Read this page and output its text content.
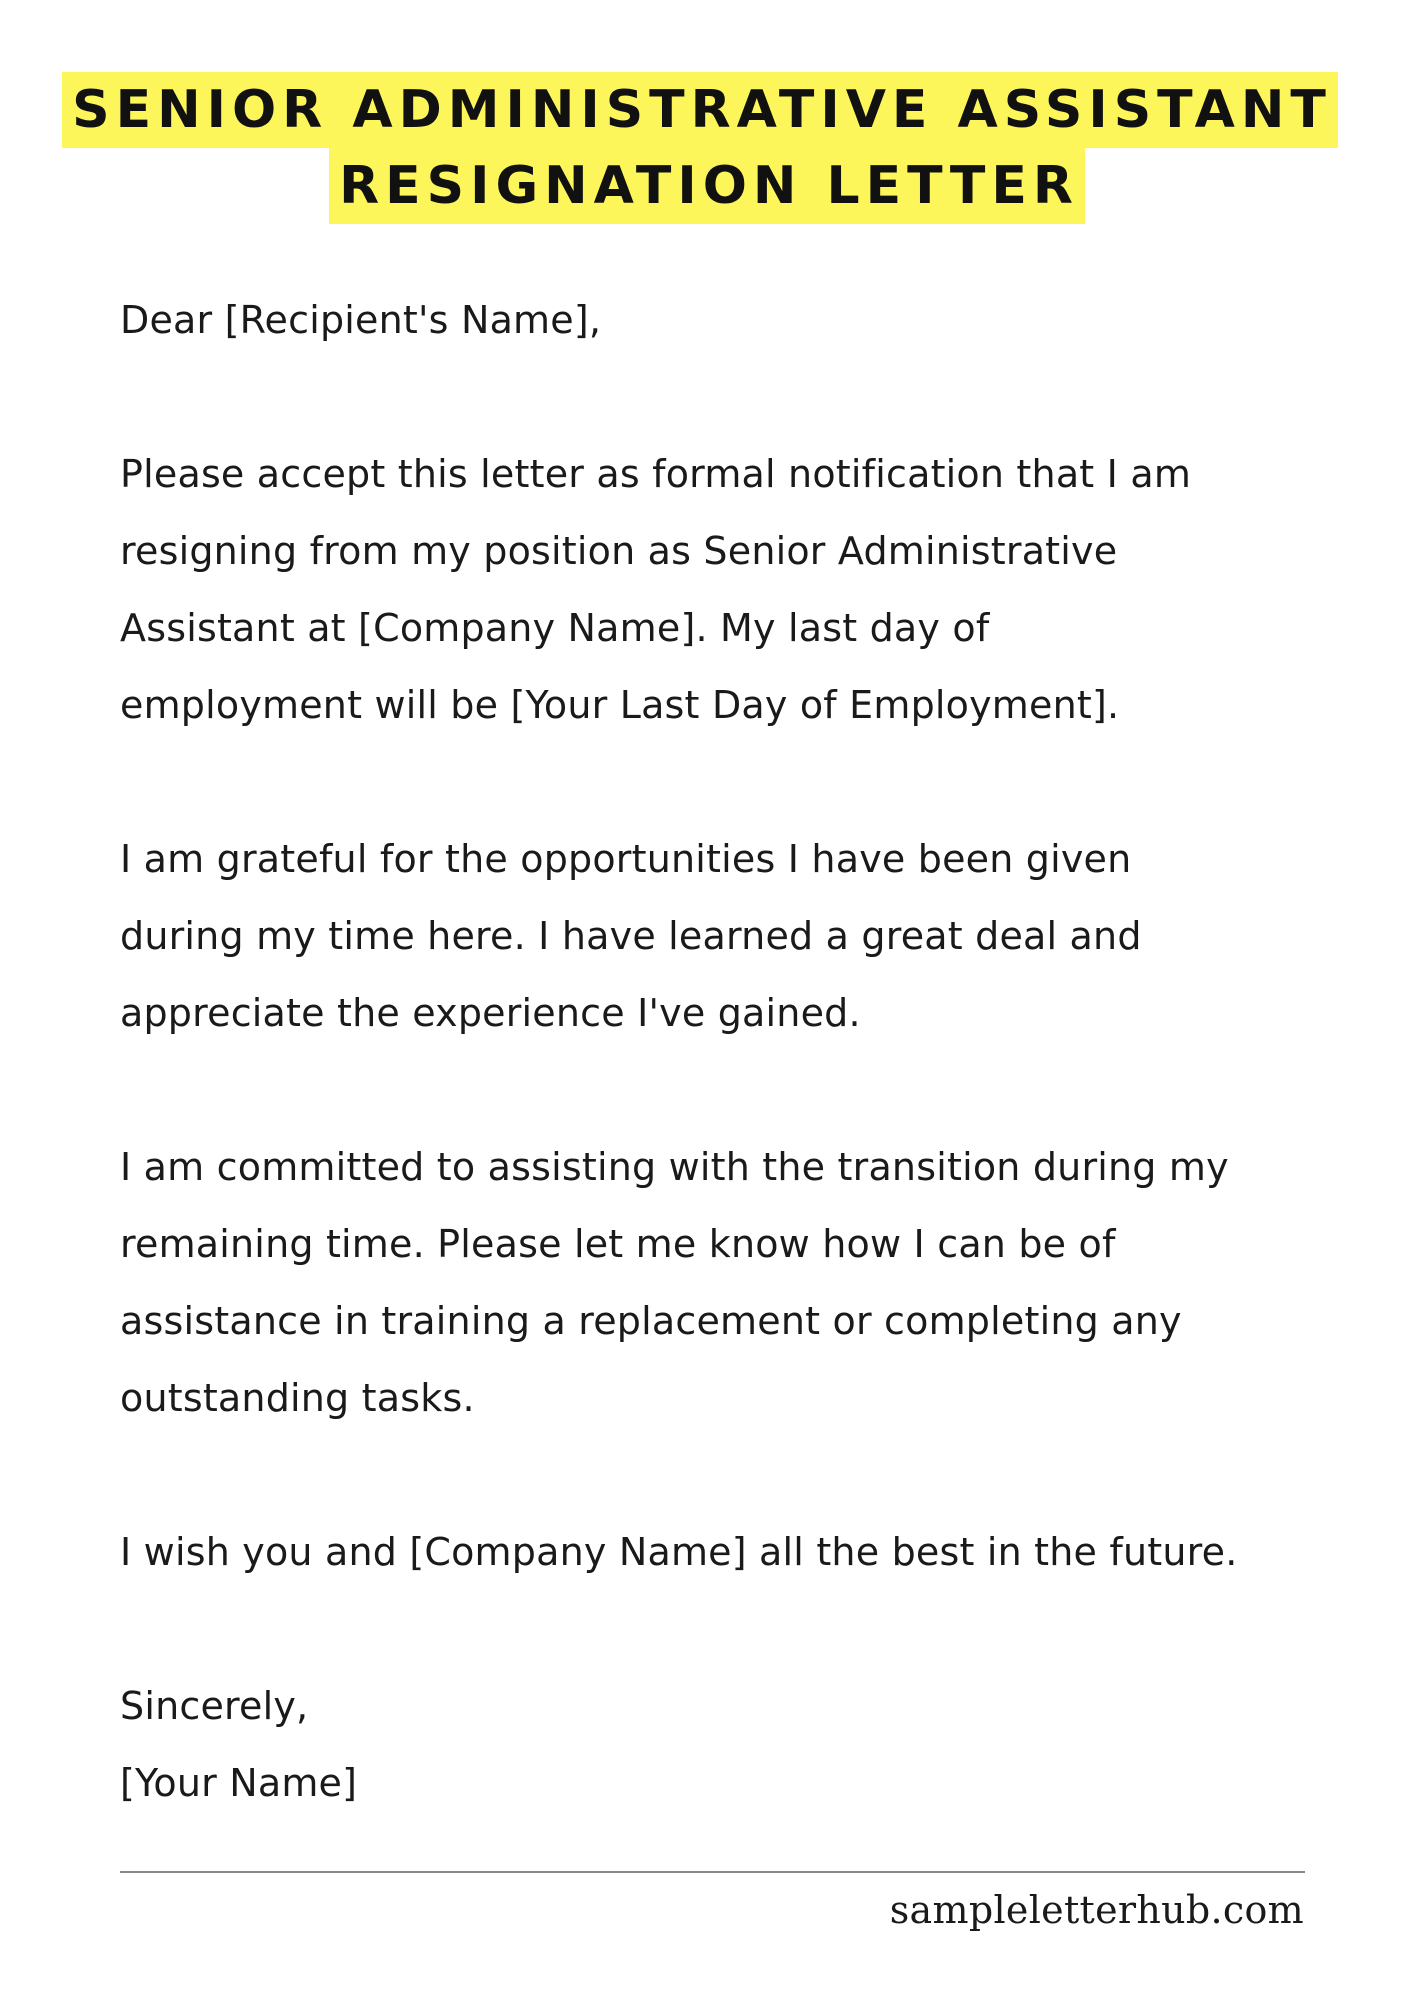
SENIOR ADMINISTRATIVE ASSISTANT
RESIGNATION LETTER
Dear [Recipient's Name],
Please accept this letter as formal notification that I am
resigning from my position as Senior Administrative
Assistant at [Company Name]. My last day of
employment will be [Your Last Day of Employment].
I am grateful for the opportunities I have been given
during my time here. I have learned a great deal and
appreciate the experience I've gained.
I am committed to assisting with the transition during my
remaining time. Please let me know how I can be of
assistance in training a replacement or completing any
outstanding tasks.
I wish you and [Company Name] all the best in the future.
Sincerely,
[Your Name]
sampleletterhub.com
